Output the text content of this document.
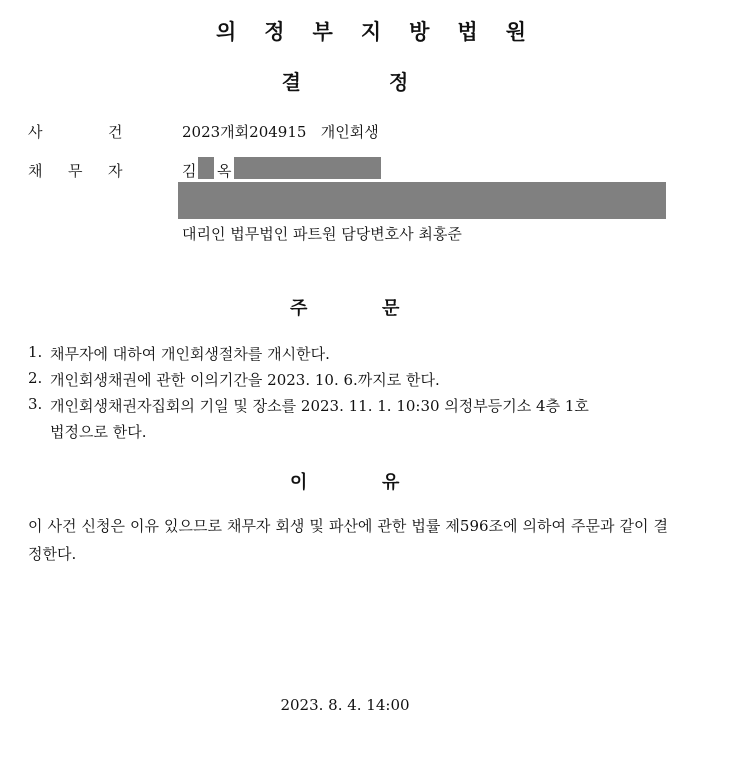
의정부지방법원
결정
사	건	2023개회204915   개인회생
채 무 자	김 옥
대리인 법무법인 파트원 담당변호사 최홍준
주	문
1. 채무자에 대하여 개인회생절차를 개시한다.
2. 개인회생채권에 관한 이의기간을 2023. 10. 6.까지로 한다.
3. 개인회생채권자집회의 기일 및 장소를 2023. 11. 1. 10:30 의정부등기소 4층 1호
법정으로 한다.
이	유
이 사건 신청은 이유 있으므로 채무자 회생 및 파산에 관한 법률 제596조에 의하여 주문과 같이 결정한다.
2023. 8. 4. 14:00
